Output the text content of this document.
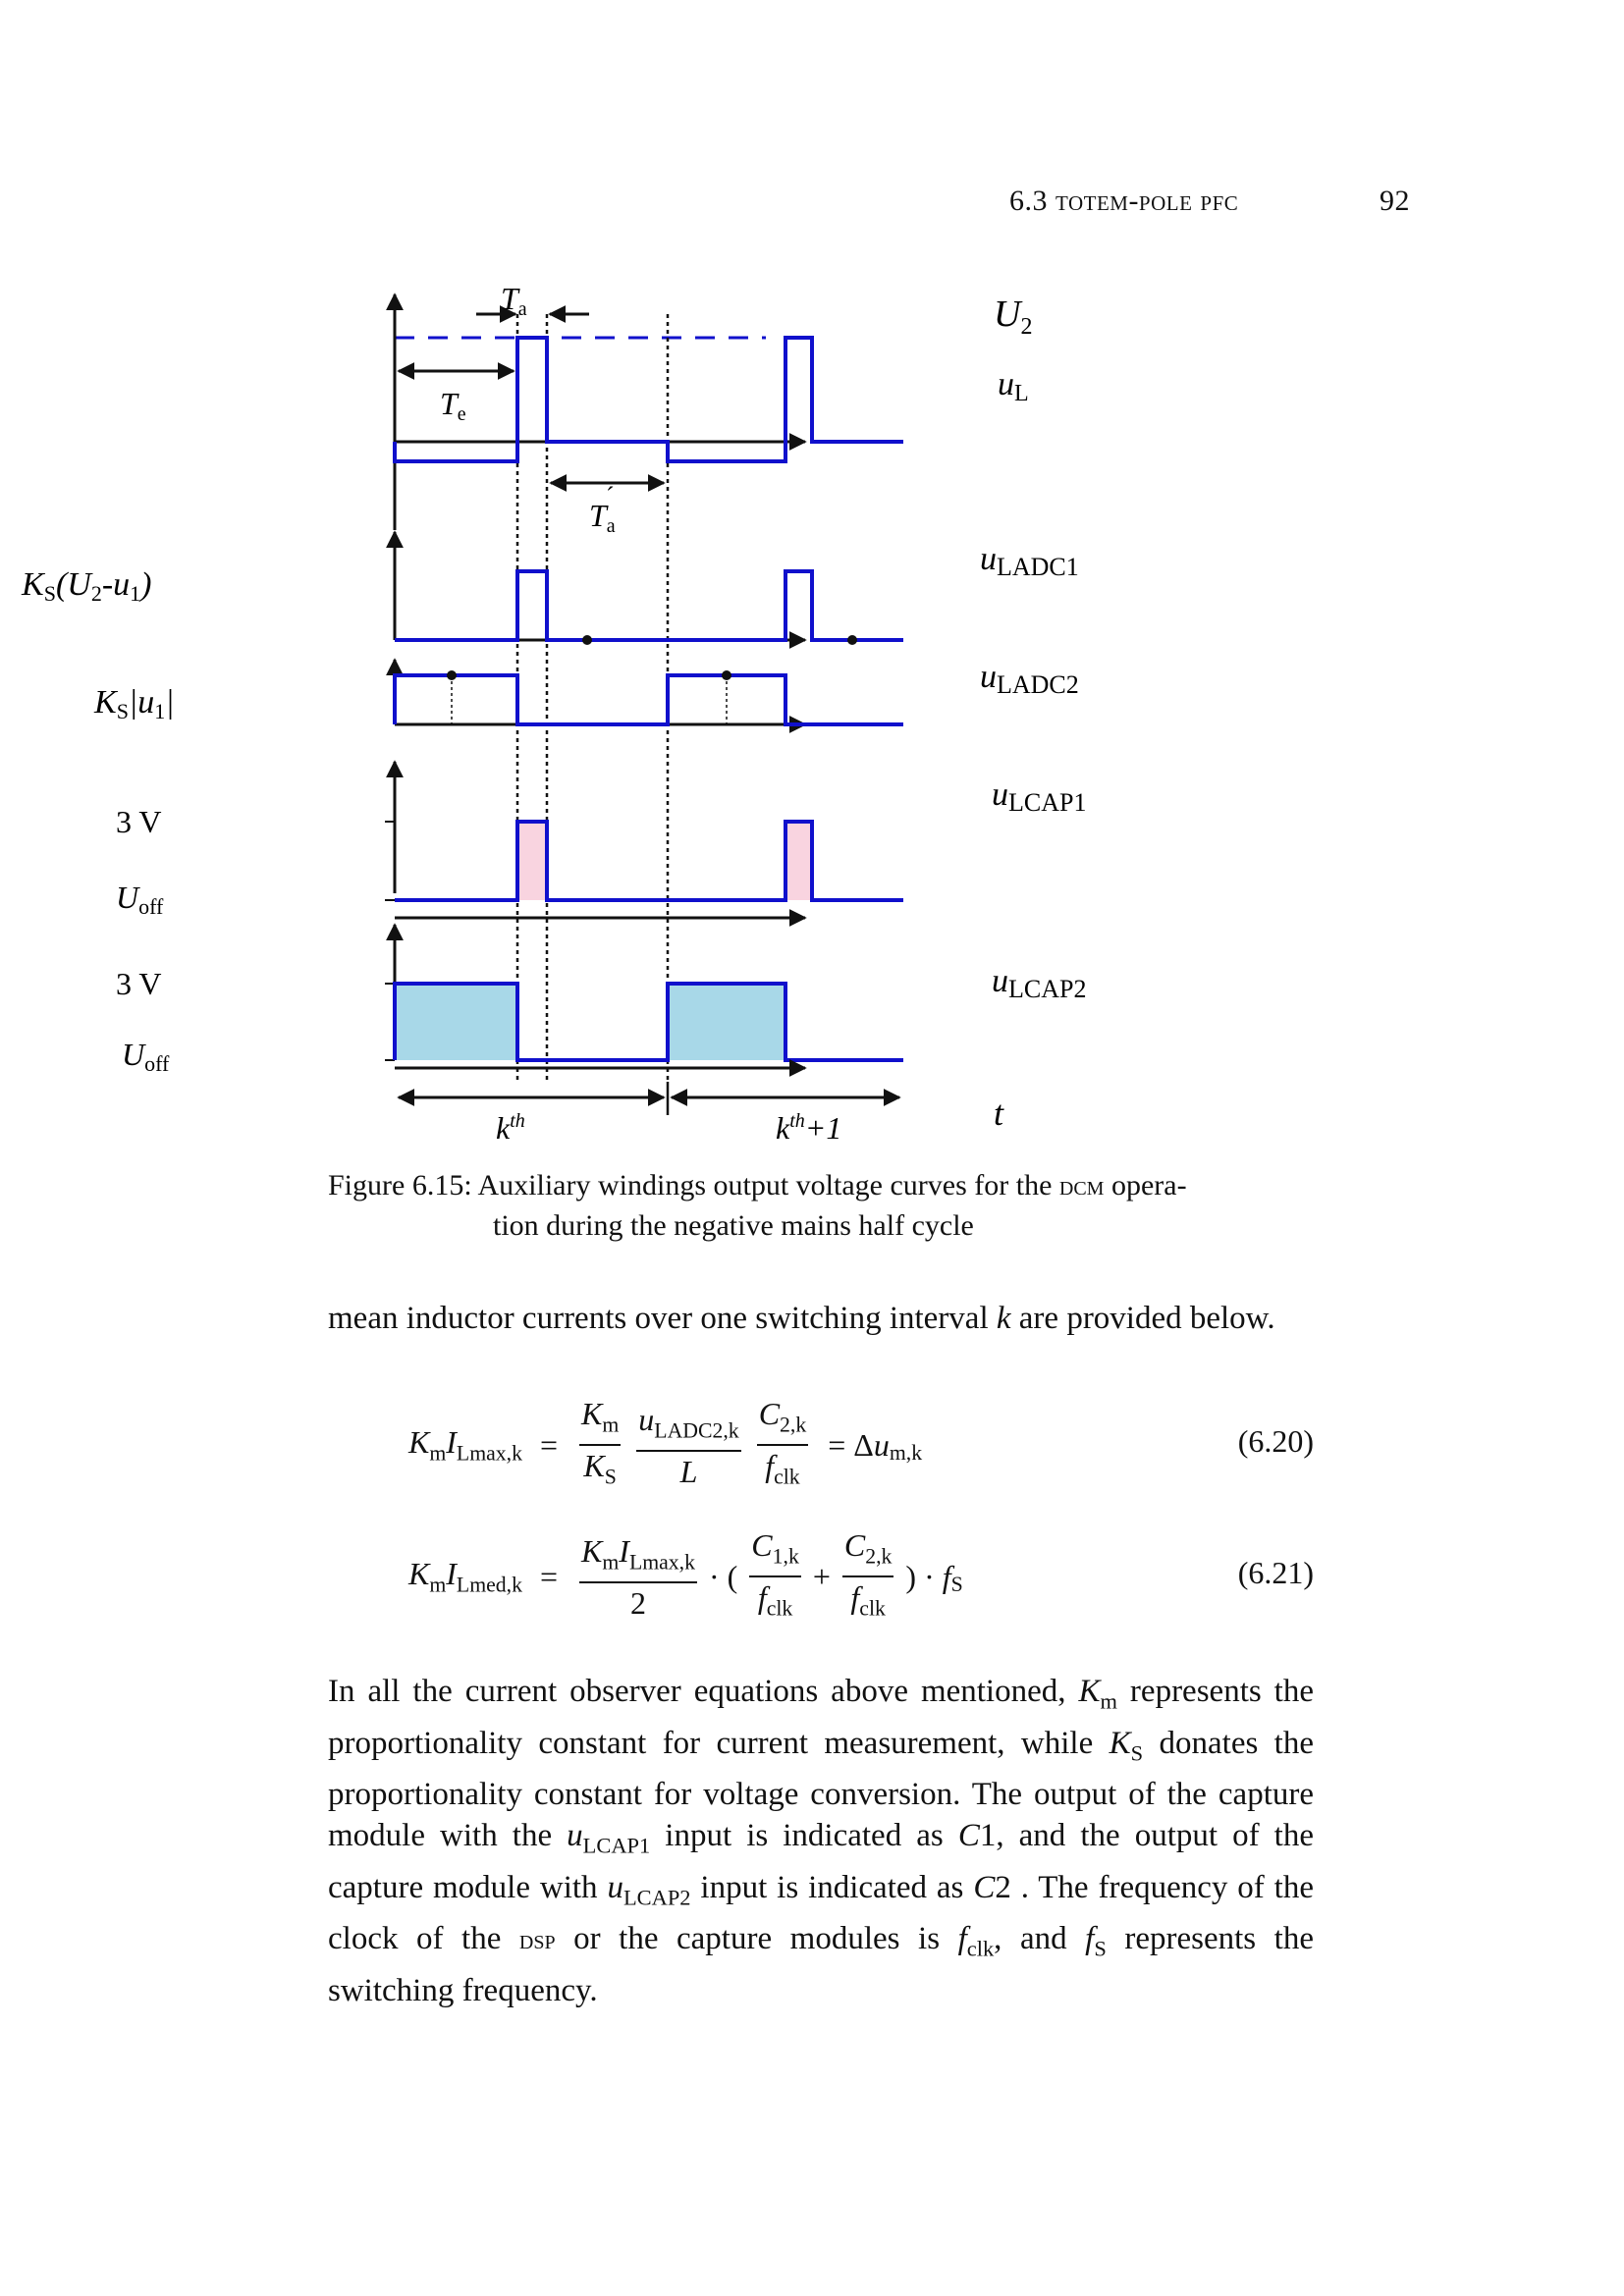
6.3 totem-pole pfc	92
Ta	$U_2$
uL
Te
Ta
´
uLADC1
uLADC2
uLCAP1
uLCAP2
KS(U2-u1)
KS|u1|
3 V
Uoff
3 V
Uoff
$k^{th}$	$k^{th}+1$	t
Figure 6.15: Auxiliary windings output voltage curves for the dcm opera-
tion during the negative mains half cycle
mean inductor currents over one switching interval k are provided below.
$K_mI_{Lmax,k} = \frac{K_m}{K_S}$
$\frac{u_{LADC2,k}}{L}$
$\frac{C_{2,k}}{f_{clk}} = \Delta u_{m,k}$	(6.20)
$K_mI_{Lmed,k} = \frac{K_mI_{Lmax,k}}{2}$ · ( $\frac{C_{1,k}}{f_{clk}} + \frac{C_{2,k}}{f_{clk}}$ ) · $f_S$	(6.21)
In all the current observer equations above mentioned, $K_m$ represents the proportionality constant for current measurement, while $K_S$ donates the proportionality constant for voltage conversion. The output of the capture module with the $u_{LCAP1}$ input is indicated as C1, and the output of the capture module with $u_{LCAP2}$ input is indicated as C2 . The frequency of the clock of the dsp or the capture modules is $f_{clk}$, and $f_S$ represents the switching frequency.
